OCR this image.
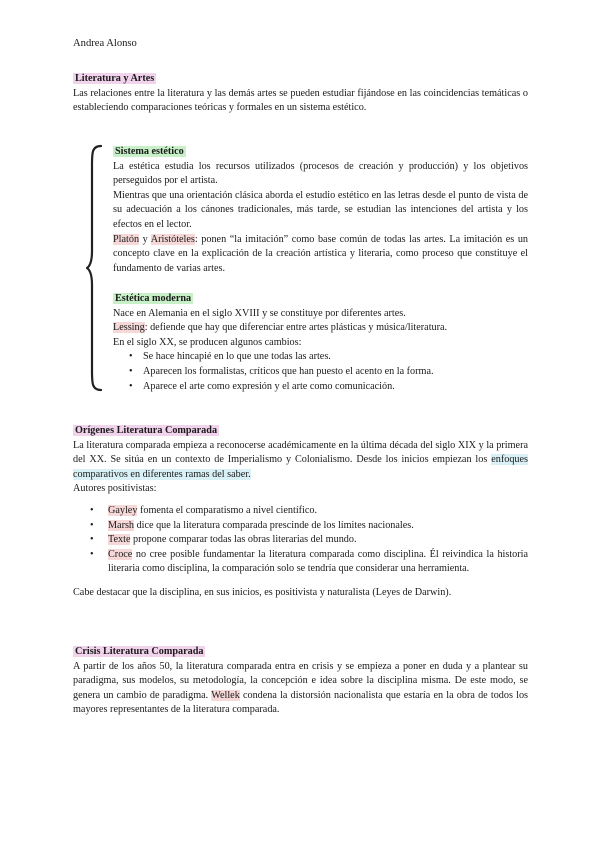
Andrea Alonso
Literatura y Artes

Las relaciones entre la literatura y las demás artes se pueden estudiar fijándose en las coincidencias temáticas o estableciendo comparaciones teóricas y formales en un sistema estético.

Sistema estético

La estética estudia los recursos utilizados (procesos de creación y producción) y los objetivos perseguidos por el artista.

Mientras que una orientación clásica aborda el estudio estético en las letras desde el punto de vista de su adecuación a los cánones tradicionales, más tarde, se estudian las intenciones del artista y los efectos en el lector.

Platón y Aristóteles: ponen “la imitación” como base común de todas las artes. La imitación es un concepto clave en la explicación de la creación artística y literaria, como proceso que constituye el fundamento de varias artes.

Estética moderna

Nace en Alemania en el siglo XVIII y se constituye por diferentes artes.

Lessing: defiende que hay que diferenciar entre artes plásticas y música/literatura.

En el siglo XX, se producen algunos cambios:

• Se hace hincapié en lo que une todas las artes.
• Aparecen los formalistas, críticos que han puesto el acento en la forma.
• Aparece el arte como expresión y el arte como comunicación.
Orígenes Literatura Comparada

La literatura comparada empieza a reconocerse académicamente en la última década del siglo XIX y la primera del XX. Se sitúa en un contexto de Imperialismo y Colonialismo. Desde los inicios empiezan los enfoques comparativos en diferentes ramas del saber.

Autores positivistas:

• Gayley fomenta el comparatismo a nivel científico.
• Marsh dice que la literatura comparada prescinde de los límites nacionales.
• Texte propone comparar todas las obras literarias del mundo.
• Croce no cree posible fundamentar la literatura comparada como disciplina. Él reivindica la historia literaria como disciplina, la comparación solo se tendría que considerar una herramienta.

Cabe destacar que la disciplina, en sus inicios, es positivista y naturalista (Leyes de Darwin).

Crisis Literatura Comparada

A partir de los años 50, la literatura comparada entra en crisis y se empieza a poner en duda y a plantear su paradigma, sus modelos, su metodología, la concepción e idea sobre la disciplina misma. De este modo, se genera un cambio de paradigma. Wellek condena la distorsión nacionalista que estaría en la obra de todos los mayores representantes de la literatura comparada.
